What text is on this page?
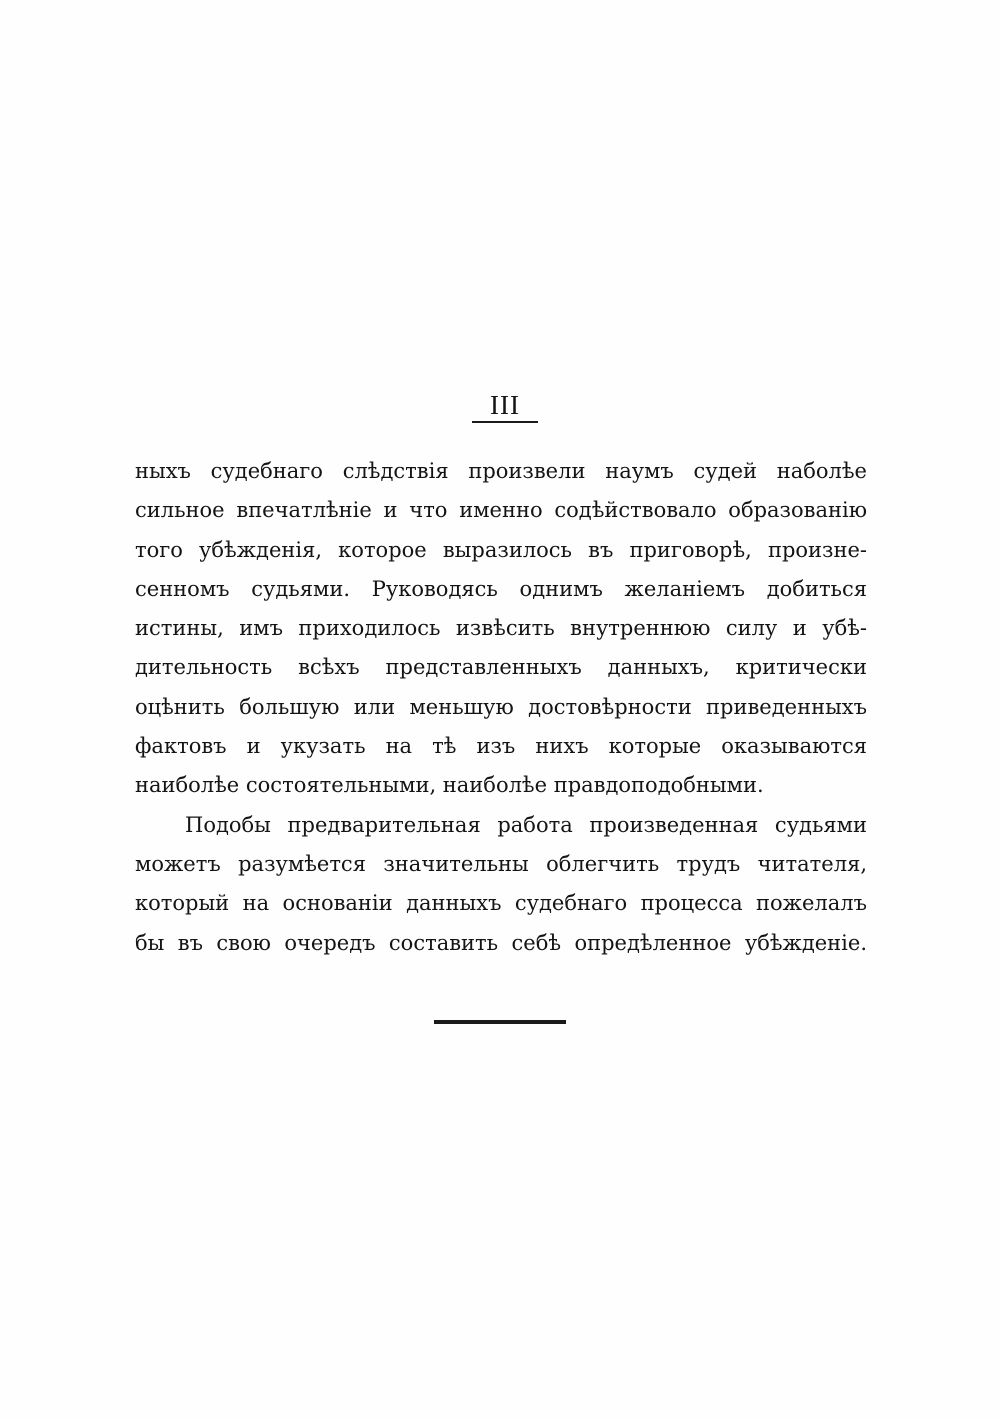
III
ныхъ судебнаго слѣдствія произвели наумъ судей наболѣе
сильное впечатлѣніе и что именно содѣйствовало образованію
того убѣжденія, которое выразилось въ приговорѣ, произне-
сенномъ судьями. Руководясь однимъ желаніемъ добиться
истины, имъ приходилось извѣсить внутреннюю силу и убѣ-
дительность всѣхъ представленныхъ данныхъ, критически
оцѣнить большую или меньшую достовѣрности приведенныхъ
фактовъ и укузать на тѣ изъ нихъ которые оказываются
наиболѣе состоятельными, наиболѣе правдоподобными.
Подобы предварительная работа произведенная судьями
можетъ разумѣется значительны облегчить трудъ читателя,
который на основаніи данныхъ судебнаго процесса пожелалъ
бы въ свою очередъ составить себѣ опредѣленное убѣжденіе.
